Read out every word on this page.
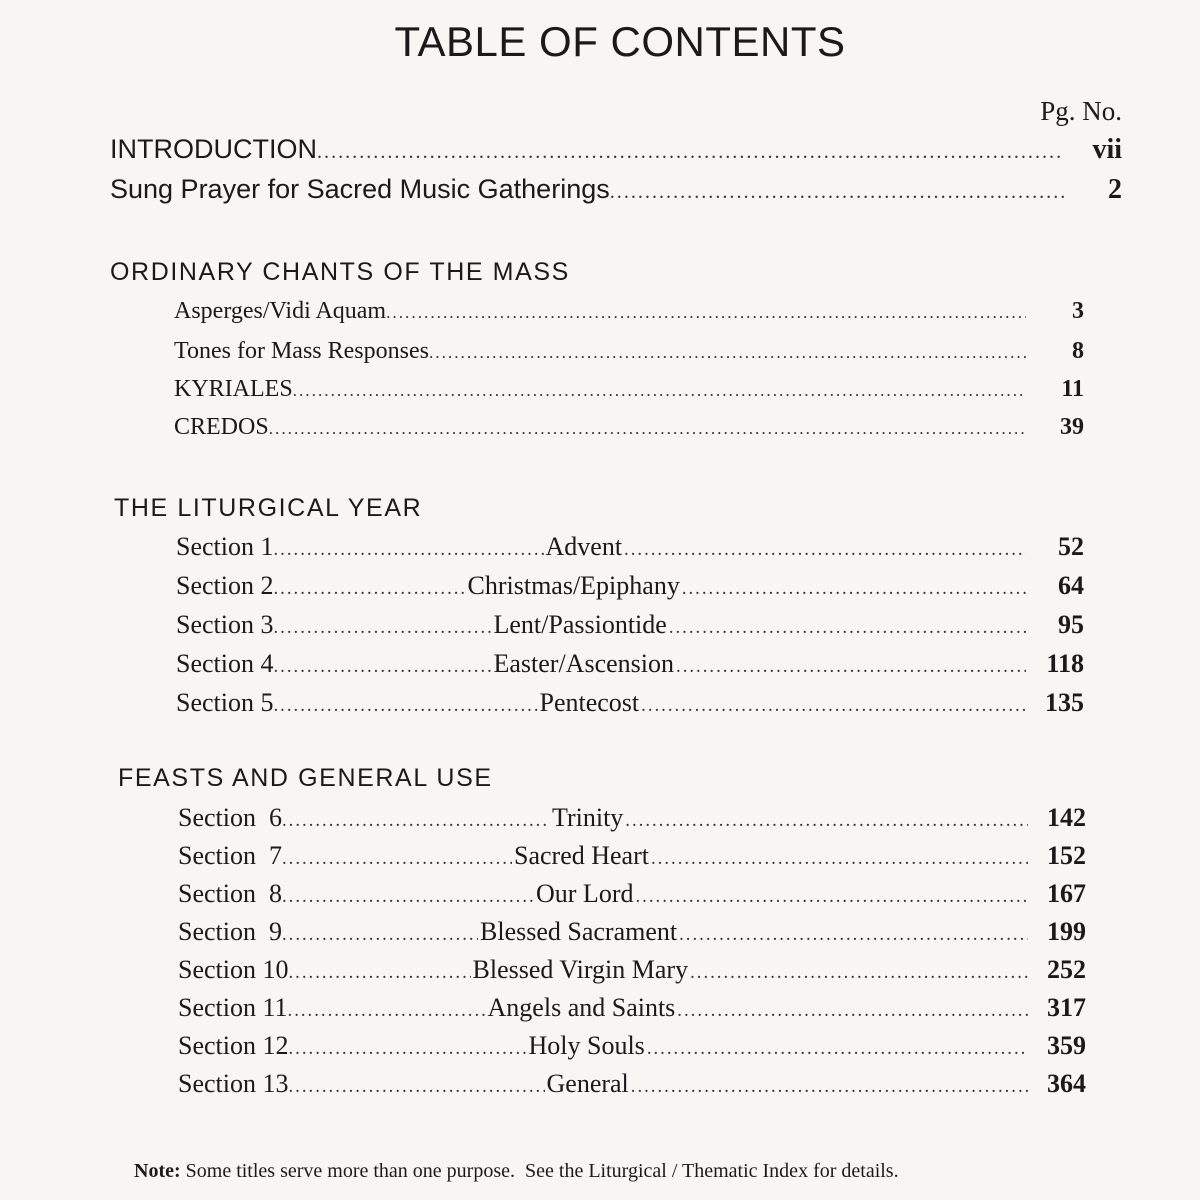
TABLE OF CONTENTS
Pg. No.
INTRODUCTION .....	vii
Sung Prayer for Sacred Music Gatherings .....	2
ORDINARY CHANTS OF THE MASS
Asperges/Vidi Aquam .....	3
Tones for Mass Responses .....	8
KYRIALES .....	11
CREDOS .....	39
THE LITURGICAL YEAR
Section 1 .....	Advent .....	52
Section 2 .....	Christmas/Epiphany .....	64
Section 3 .....	Lent/Passiontide .....	95
Section 4 .....	Easter/Ascension .....	118
Section 5 .....	Pentecost .....	135
FEASTS AND GENERAL USE
Section  6 .....	Trinity .....	142
Section  7 .....	Sacred Heart .....	152
Section  8 .....	Our Lord .....	167
Section  9 .....	Blessed Sacrament .....	199
Section 10 .....	Blessed Virgin Mary .....	252
Section 11 .....	Angels and Saints .....	317
Section 12 .....	Holy Souls .....	359
Section 13 .....	General .....	364
Note: Some titles serve more than one purpose.  See the Liturgical / Thematic Index for details.
